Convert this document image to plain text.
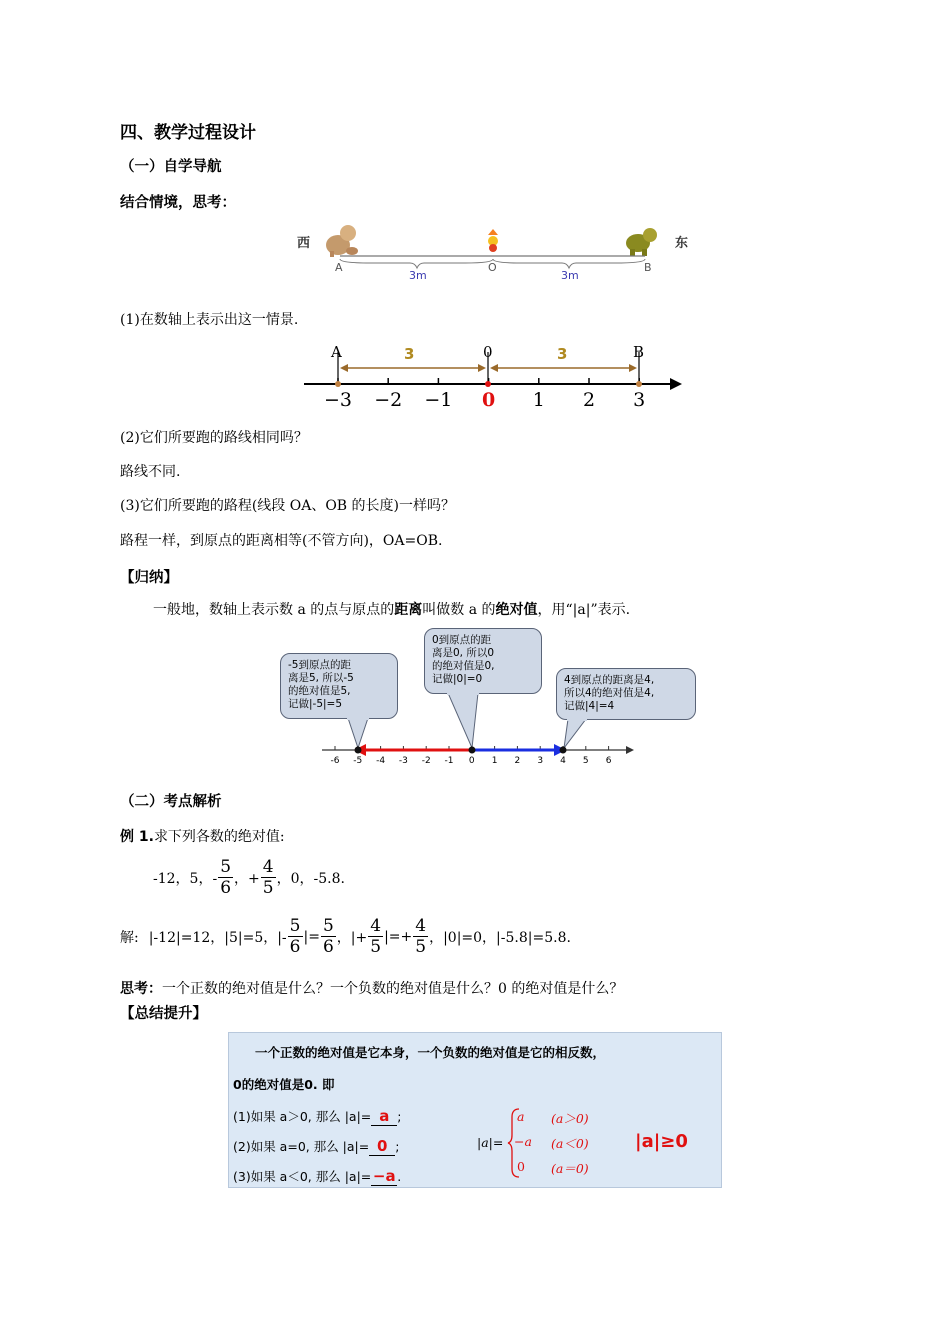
四、教学过程设计
（一）自学导航
结合情境，思考：
西	东
A	O	B
3m	3m
(1)在数轴上表示出这一情景.
−3 −2 −1 0 1 2 3
A	0	B
3	3
(2)它们所要跑的路线相同吗？
路线不同.
(3)它们所要跑的路程(线段 OA、OB 的长度)一样吗？
路程一样，到原点的距离相等(不管方向)，OA=OB.
【归纳】
一般地，数轴上表示数 a 的点与原点的距离叫做数 a 的绝对值，用“|a|”表示.
-5到原点的距
离是5, 所以-5
的绝对值是5,
记做|-5|=5
0到原点的距
离是0, 所以0
的绝对值是0,
记做|0|=0	4到原点的距离是4,
所以4的绝对值是4,
记做|4|=4
-6 -5 -4 -3 -2 -1 0 1 2 3 4 5 6
（二）考点解析
例 1.求下列各数的绝对值:
-12，5，- $\frac{5}{6}$ ，+ $\frac{4}{5}$ ，0，-5.8.
解: |-12|=12，|5|=5，|- $\frac{5}{6}$ |= $\frac{5}{6}$ ，|+ $\frac{4}{5}$ |=+ $\frac{4}{5}$ ，|0|=0，|-5.8|=5.8.
思考：一个正数的绝对值是什么？一个负数的绝对值是什么？0 的绝对值是什么？
【总结提升】
一个正数的绝对值是它本身，一个负数的绝对值是它的相反数，
0的绝对值是0. 即
(1)如果 a＞0, 那么 |a|= a ;
(2)如果 a=0, 那么 |a|= 0 ;
(3)如果 a＜0, 那么 |a|= −a .
|a|=
a (a＞0)
−a (a＜0)
0 (a＝0)
|a|≥0
